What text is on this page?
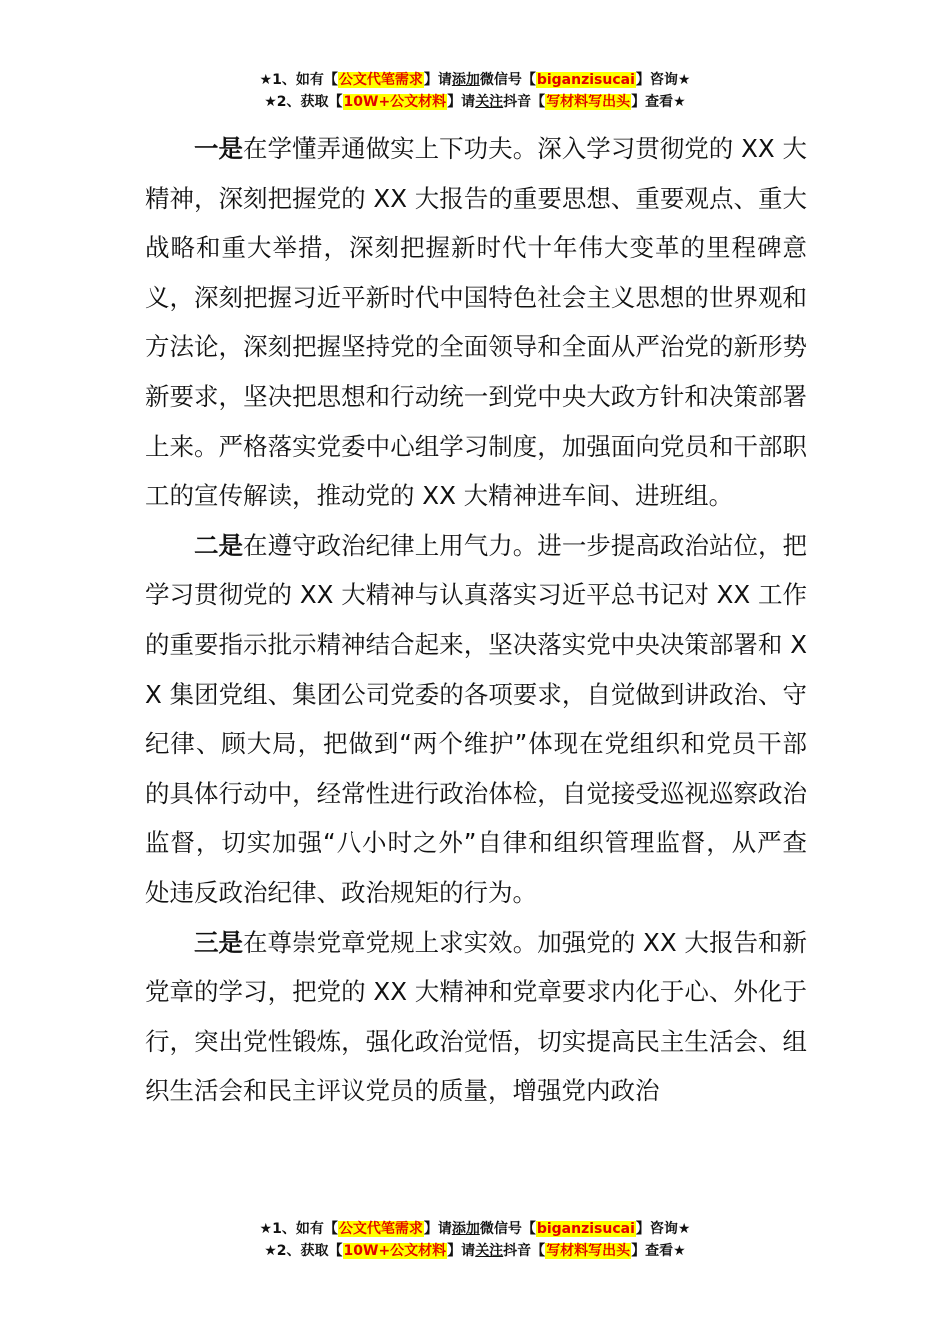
★1、如有【公文代笔需求】请添加微信号【biganzisucai】咨询★
★2、获取【10W+公文材料】请关注抖音【写材料写出头】查看★

一是在学懂弄通做实上下功夫。深入学习贯彻党的 XX 大精神，深刻把握党的 XX 大报告的重要思想、重要观点、重大战略和重大举措，深刻把握新时代十年伟大变革的里程碑意义，深刻把握习近平新时代中国特色社会主义思想的世界观和方法论，深刻把握坚持党的全面领导和全面从严治党的新形势新要求，坚决把思想和行动统一到党中央大政方针和决策部署上来。严格落实党委中心组学习制度，加强面向党员和干部职工的宣传解读，推动党的 XX 大精神进车间、进班组。

二是在遵守政治纪律上用气力。进一步提高政治站位，把学习贯彻党的 XX 大精神与认真落实习近平总书记对 XX 工作的重要指示批示精神结合起来，坚决落实党中央决策部署和 XX 集团党组、集团公司党委的各项要求，自觉做到讲政治、守纪律、顾大局，把做到“两个维护”体现在党组织和党员干部的具体行动中，经常性进行政治体检，自觉接受巡视巡察政治监督，切实加强“八小时之外”自律和组织管理监督，从严查处违反政治纪律、政治规矩的行为。

三是在尊崇党章党规上求实效。加强党的 XX 大报告和新党章的学习，把党的 XX 大精神和党章要求内化于心、外化于行，突出党性锻炼，强化政治觉悟，切实提高民主生活会、组织生活会和民主评议党员的质量，增强党内政治

★1、如有【公文代笔需求】请添加微信号【biganzisucai】咨询★
★2、获取【10W+公文材料】请关注抖音【写材料写出头】查看★
